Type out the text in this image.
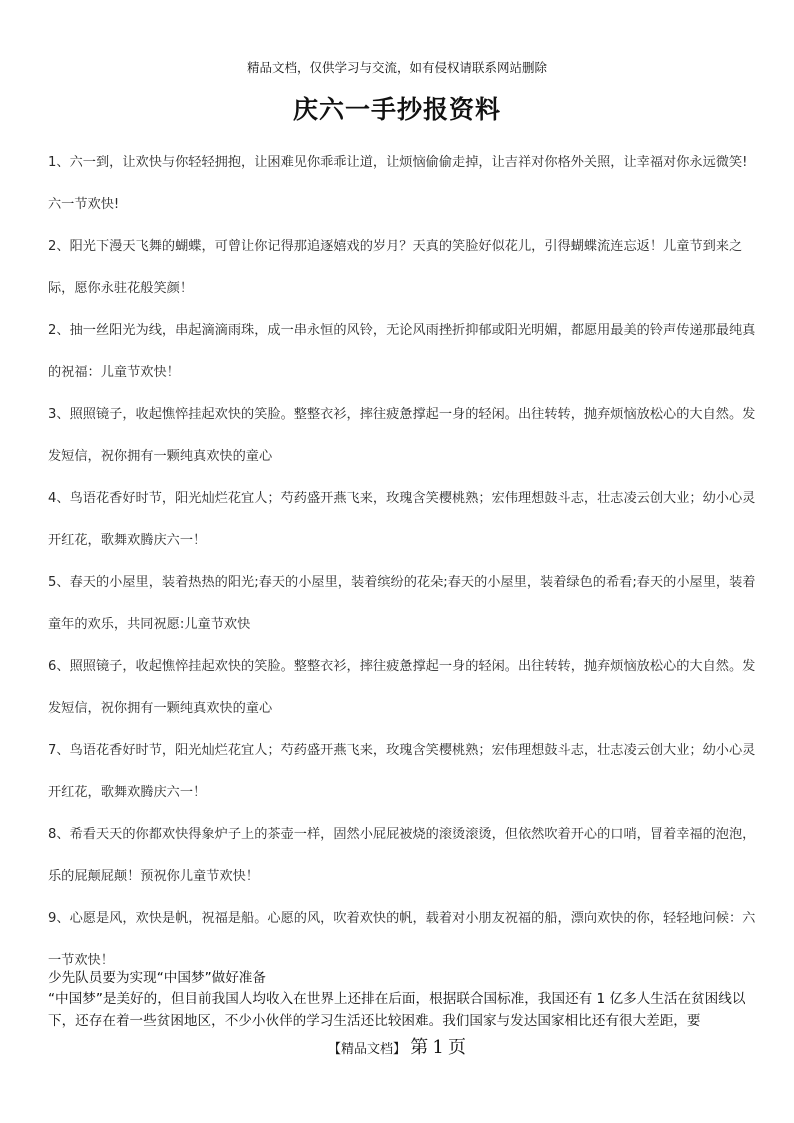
精品文档，仅供学习与交流，如有侵权请联系网站删除
庆六一手抄报资料

1、六一到，让欢快与你轻轻拥抱，让困难见你乖乖让道，让烦恼偷偷走掉，让吉祥对你格外关照，让幸福对你永远微笑!六一节欢快!

2、阳光下漫天飞舞的蝴蝶，可曾让你记得那追逐嬉戏的岁月？天真的笑脸好似花儿，引得蝴蝶流连忘返！儿童节到来之际，愿你永驻花般笑颜！

2、抽一丝阳光为线，串起滴滴雨珠，成一串永恒的风铃，无论风雨挫折抑郁或阳光明媚，都愿用最美的铃声传递那最纯真的祝福：儿童节欢快！

3、照照镜子，收起憔悴挂起欢快的笑脸。整整衣衫，摔往疲惫撑起一身的轻闲。出往转转，抛弃烦恼放松心的大自然。发发短信，祝你拥有一颗纯真欢快的童心

4、鸟语花香好时节，阳光灿烂花宜人；芍药盛开燕飞来，玫瑰含笑樱桃熟；宏伟理想鼓斗志，壮志凌云创大业；幼小心灵开红花，歌舞欢腾庆六一！

5、春天的小屋里，装着热热的阳光;春天的小屋里，装着缤纷的花朵;春天的小屋里，装着绿色的希看;春天的小屋里，装着童年的欢乐，共同祝愿:儿童节欢快

6、照照镜子，收起憔悴挂起欢快的笑脸。整整衣衫，摔往疲惫撑起一身的轻闲。出往转转，抛弃烦恼放松心的大自然。发发短信，祝你拥有一颗纯真欢快的童心

7、鸟语花香好时节，阳光灿烂花宜人；芍药盛开燕飞来，玫瑰含笑樱桃熟；宏伟理想鼓斗志，壮志凌云创大业；幼小心灵开红花，歌舞欢腾庆六一！

8、希看天天的你都欢快得象炉子上的茶壶一样，固然小屁屁被烧的滚烫滚烫，但依然吹着开心的口哨，冒着幸福的泡泡，乐的屁颠屁颠！预祝你儿童节欢快！

9、心愿是风，欢快是帆，祝福是船。心愿的风，吹着欢快的帆，载着对小朋友祝福的船，漂向欢快的你，轻轻地问候：六一节欢快！

少先队员要为实现“中国梦”做好准备

“中国梦”是美好的，但目前我国人均收入在世界上还排在后面，根据联合国标准，我国还有 1 亿多人生活在贫困线以下，还存在着一些贫困地区，不少小伙伴的学习生活还比较困难。我们国家与发达国家相比还有很大差距，要

【精品文档】 第 1 页
